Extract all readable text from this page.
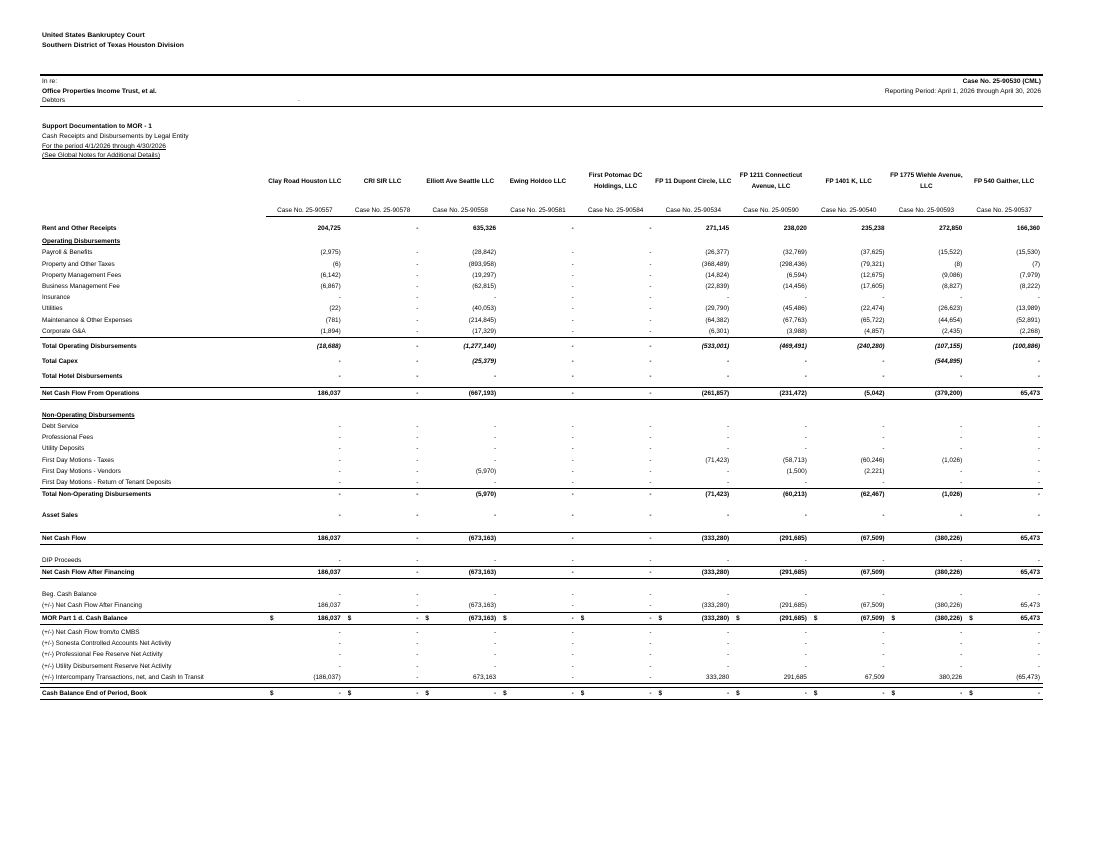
United States Bankruptcy Court
Southern District of Texas Houston Division
In re:
Office Properties Income Trust, et al.
Debtors	.
Case No. 25-90530 (CML)
Reporting Period: April 1, 2026 through April 30, 2026
Support Documentation to MOR - 1
Cash Receipts and Disbursements by Legal Entity
For the period 4/1/2026 through 4/30/2026
(See Global Notes for Additional Details)
	Clay Road Houston LLC	CRI SIR LLC	Elliott Ave Seattle LLC	Ewing Holdco LLC	First Potomac DC Holdings, LLC	FP 11 Dupont Circle, LLC	FP 1211 Connecticut Avenue, LLC	FP 1401 K, LLC	FP 1775 Wiehle Avenue, LLC	FP 540 Gaither, LLC
	Case No. 25-90557	Case No. 25-90578	Case No. 25-90558	Case No. 25-90581	Case No. 25-90584	Case No. 25-90534	Case No. 25-90590	Case No. 25-90540	Case No. 25-90593	Case No. 25-90537
Rent and Other Receipts	204,725	-	635,326	-	-	271,145	238,020	235,238	272,850	166,360

Operating Disbursements										
Payroll & Benefits	(2,975)	-	(28,842)	-	-	(26,377)	(32,769)	(37,625)	(15,522)	(15,530)
Property and Other Taxes	(6)	-	(893,958)	-	-	(368,489)	(298,436)	(79,321)	(8)	(7)
Property Management Fees	(6,142)	-	(19,297)	-	-	(14,824)	(6,594)	(12,675)	(9,086)	(7,979)
Business Management Fee	(6,867)	-	(62,815)	-	-	(22,839)	(14,456)	(17,605)	(8,827)	(8,222)
Insurance	-	-	-	-	-	-	-	-	-	-
Utilities	(22)	-	(40,053)	-	-	(29,790)	(45,486)	(22,474)	(26,623)	(13,989)
Maintenance & Other Expenses	(781)	-	(214,845)	-	-	(64,382)	(67,763)	(65,722)	(44,654)	(52,891)
Corporate G&A	(1,894)	-	(17,329)	-	-	(6,301)	(3,988)	(4,857)	(2,435)	(2,268)

Total Operating Disbursements	(18,688)	-	(1,277,140)	-	-	(533,001)	(469,491)	(240,280)	(107,155)	(100,886)

Total Capex	-	-	(25,379)	-	-	-	-	-	(544,895)	-

Total Hotel Disbursements	-	-	-	-	-	-	-	-	-	-

Net Cash Flow From Operations	186,037	-	(667,193)	-	-	(261,857)	(231,472)	(5,042)	(379,200)	65,473

Non-Operating Disbursements										
Debt Service	-	-	-	-	-	-	-	-	-	-
Professional Fees	-	-	-	-	-	-	-	-	-	-
Utility Deposits	-	-	-	-	-	-	-	-	-	-
First Day Motions - Taxes	-	-	-	-	-	(71,423)	(58,713)	(60,246)	(1,026)	-
First Day Motions - Vendors	-	-	(5,970)	-	-	-	(1,500)	(2,221)	-	-
First Day Motions - Return of Tenant Deposits	-	-	-	-	-	-	-	-	-	-
Total Non-Operating Disbursements	-	-	(5,970)	-	-	(71,423)	(60,213)	(62,467)	(1,026)	-

Asset Sales	-	-	-	-	-	-	-	-	-	-

Net Cash Flow	186,037	-	(673,163)	-	-	(333,280)	(291,685)	(67,509)	(380,226)	65,473

DIP Proceeds	-	-	-	-	-	-	-	-	-	-
Net Cash Flow After Financing	186,037	-	(673,163)	-	-	(333,280)	(291,685)	(67,509)	(380,226)	65,473

Beg. Cash Balance	-	-	-	-	-	-	-	-	-	-
(+/-) Net Cash Flow After Financing	186,037	-	(673,163)	-	-	(333,280)	(291,685)	(67,509)	(380,226)	65,473
MOR Part 1 d. Cash Balance	$ 186,037	$ -	$ (673,163)	$ -	$ -	$ (333,280)	$ (291,685)	$ (67,509)	$ (380,226)	$ 65,473

(+/-) Net Cash Flow from/to CMBS	-	-	-	-	-	-	-	-	-	-
(+/-) Sonesta Controlled Accounts Net Activity	-	-	-	-	-	-	-	-	-	-
(+/-) Professional Fee Reserve Net Activity	-	-	-	-	-	-	-	-	-	-
(+/-) Utility Disbursement Reserve Net Activity	-	-	-	-	-	-	-	-	-	-
(+/-) Intercompany Transactions, net, and Cash In Transit	(186,037)	-	673,163	-	-	333,280	291,685	67,509	380,226	(65,473)

Cash Balance End of Period, Book	$ -	$ -	$ -	$ -	$ -	$ -	$ -	$ -	$ -	$ -
